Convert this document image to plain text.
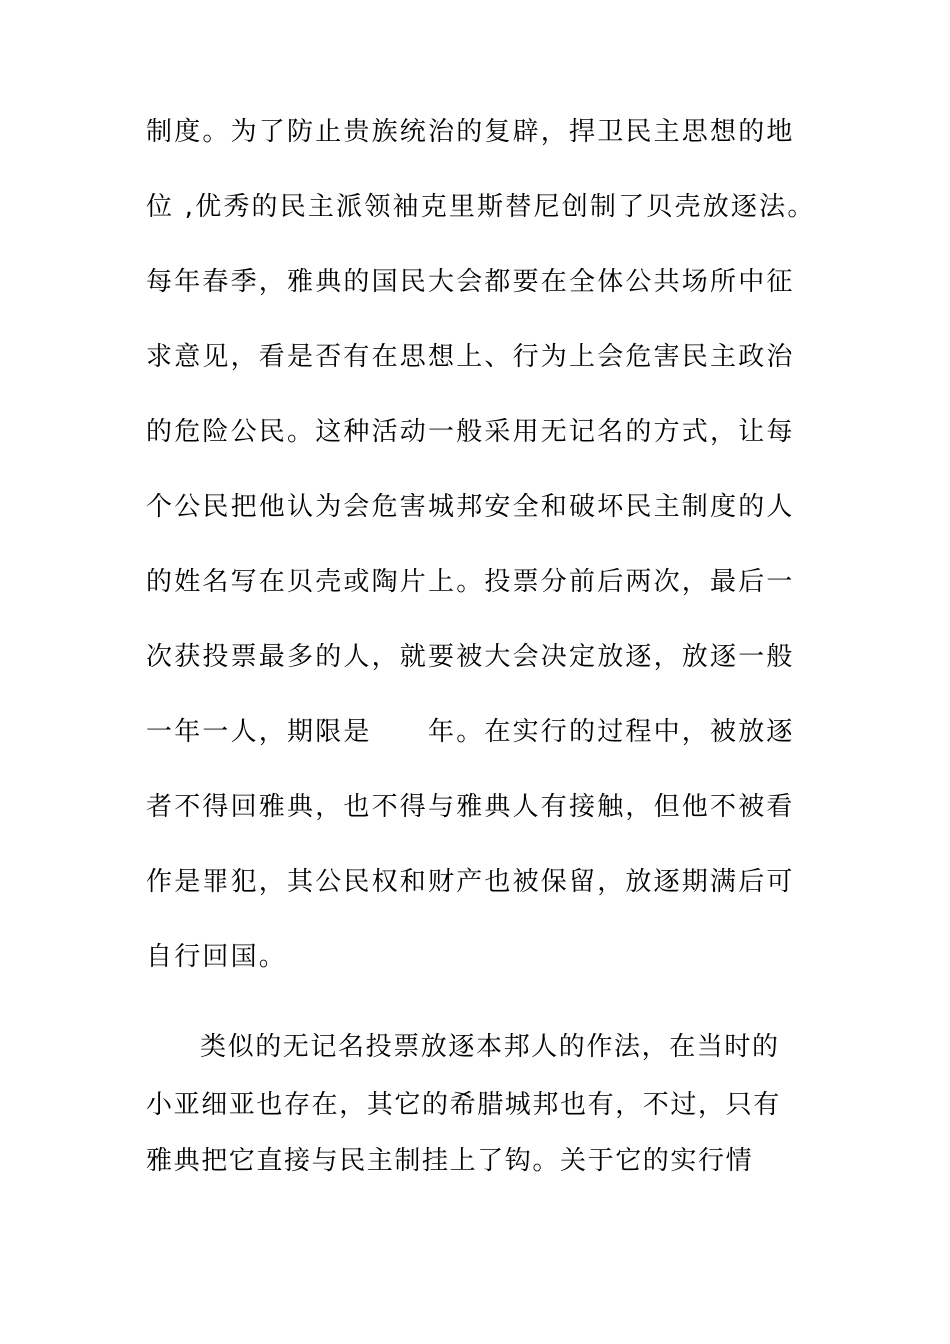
制度。为了防止贵族统治的复辟，捍卫民主思想的地
位 ,优秀的民主派领袖克里斯替尼创制了贝壳放逐法。
每年春季，雅典的国民大会都要在全体公共场所中征
求意见，看是否有在思想上、行为上会危害民主政治
的危险公民。这种活动一般采用无记名的方式，让每
个公民把他认为会危害城邦安全和破坏民主制度的人
的姓名写在贝壳或陶片上。投票分前后两次，最后一
次获投票最多的人，就要被大会决定放逐，放逐一般
一年一人，期限是　　年。在实行的过程中，被放逐
者不得回雅典，也不得与雅典人有接触，但他不被看
作是罪犯，其公民权和财产也被保留，放逐期满后可
自行回国。
类似的无记名投票放逐本邦人的作法，在当时的
小亚细亚也存在，其它的希腊城邦也有，不过，只有
雅典把它直接与民主制挂上了钩。关于它的实行情
